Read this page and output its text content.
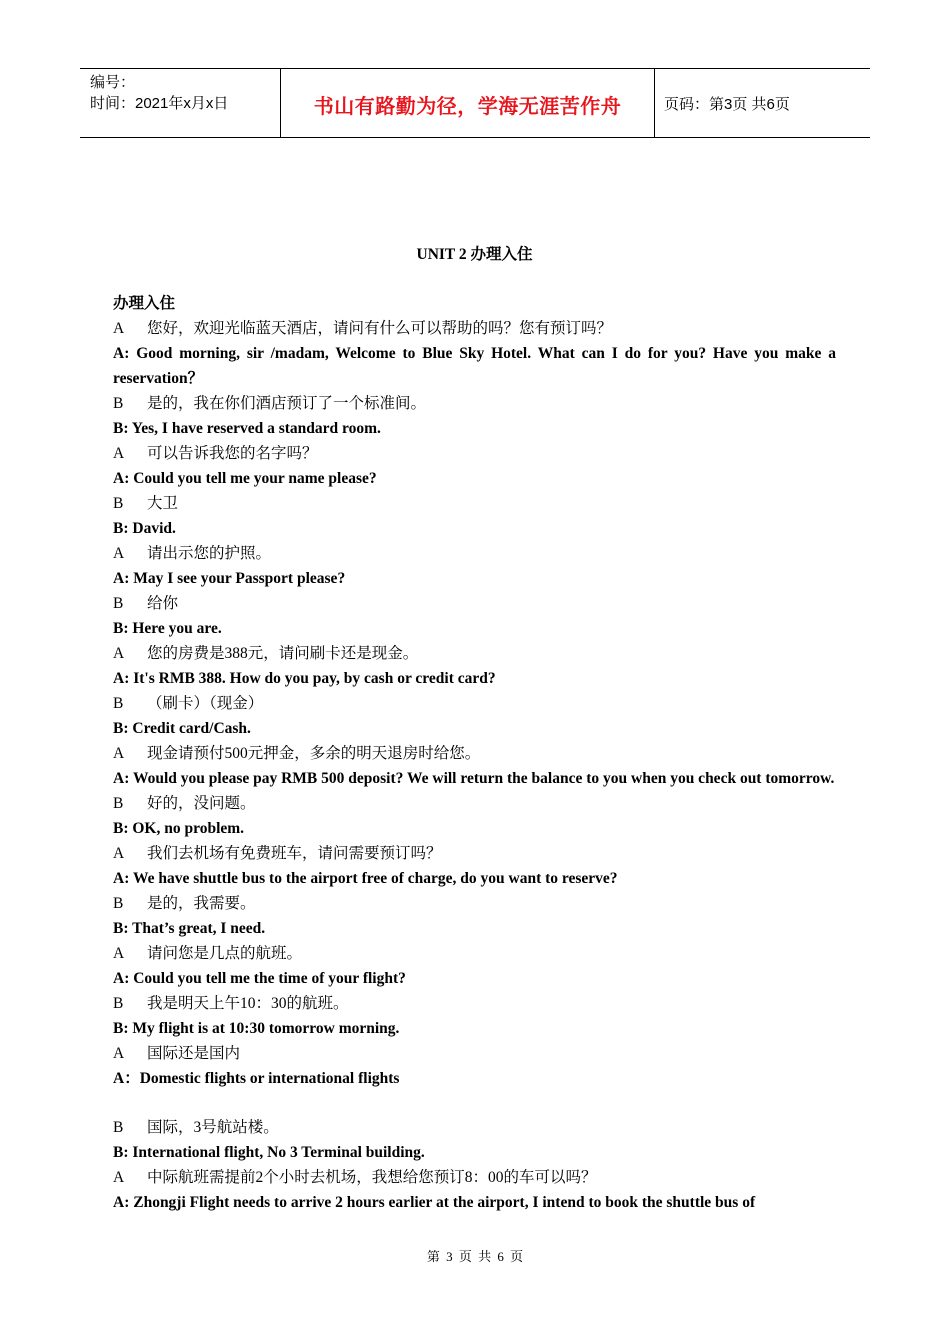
编号：
时间：2021年x月x日	书山有路勤为径，学海无涯苦作舟	页码：第3页 共6页
UNIT 2 办理入住
办理入住
A 您好，欢迎光临蓝天酒店，请问有什么可以帮助的吗？您有预订吗？
A: Good morning, sir /madam, Welcome to Blue Sky Hotel. What can I do for you? Have you make a reservation？
B 是的，我在你们酒店预订了一个标准间。
B: Yes, I have reserved a standard room.
A 可以告诉我您的名字吗？
A: Could you tell me your name please?
B 大卫
B: David.
A 请出示您的护照。
A: May I see your Passport please?
B 给你
B: Here you are.
A 您的房费是388元，请问刷卡还是现金。
A: It's RMB 388. How do you pay, by cash or credit card?
B （刷卡）（现金）
B: Credit card/Cash.
A 现金请预付500元押金，多余的明天退房时给您。
A: Would you please pay RMB 500 deposit? We will return the balance to you when you check out tomorrow.
B 好的，没问题。
B: OK, no problem.
A 我们去机场有免费班车，请问需要预订吗？
A: We have shuttle bus to the airport free of charge, do you want to reserve?
B 是的，我需要。
B: That’s great, I need.
A 请问您是几点的航班。
A: Could you tell me the time of your flight?
B 我是明天上午10：30的航班。
B: My flight is at 10:30 tomorrow morning.
A 国际还是国内
A：Domestic flights or international flights
B 国际，3号航站楼。
B: International flight, No 3 Terminal building.
A 中际航班需提前2个小时去机场，我想给您预订8：00的车可以吗？
A: Zhongji Flight needs to arrive 2 hours earlier at the airport, I intend to book the shuttle bus of
第 3 页 共 6 页
